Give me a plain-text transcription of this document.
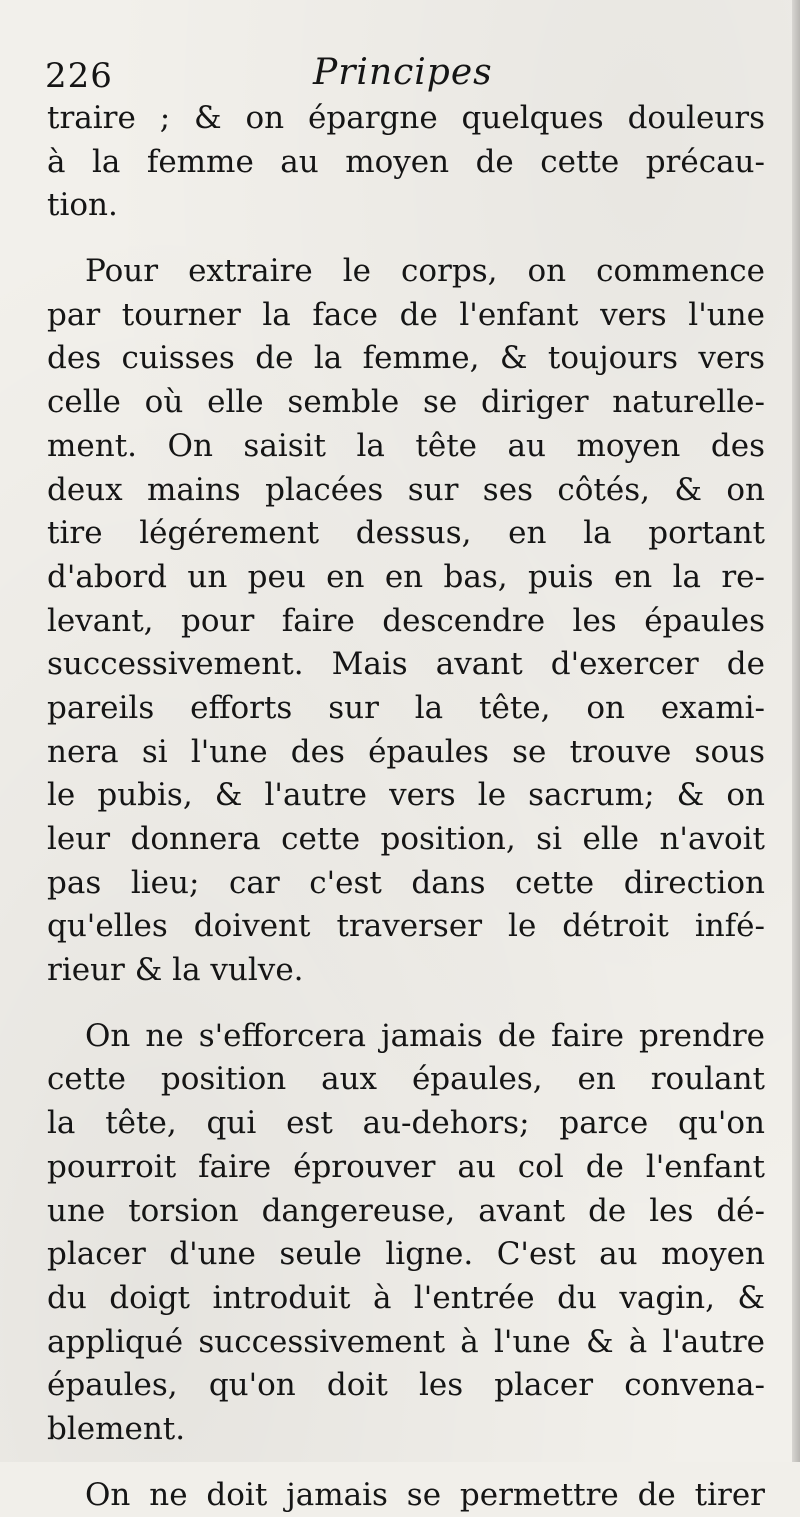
226	Principes
traire ; & on épargne quelques douleurs
à la femme au moyen de cette précau-
tion.
Pour extraire le corps, on commence
par tourner la face de l'enfant vers l'une
des cuisses de la femme, & toujours vers
celle où elle semble se diriger naturelle-
ment. On saisit la tête au moyen des
deux mains placées sur ses côtés, & on
tire légérement dessus, en la portant
d'abord un peu en en bas, puis en la re-
levant, pour faire descendre les épaules
successivement. Mais avant d'exercer de
pareils efforts sur la tête, on exami-
nera si l'une des épaules se trouve sous
le pubis, & l'autre vers le sacrum; & on
leur donnera cette position, si elle n'avoit
pas lieu; car c'est dans cette direction
qu'elles doivent traverser le détroit infé-
rieur & la vulve.
On ne s'efforcera jamais de faire prendre
cette position aux épaules, en roulant
la tête, qui est au-dehors; parce qu'on
pourroit faire éprouver au col de l'enfant
une torsion dangereuse, avant de les dé-
placer d'une seule ligne. C'est au moyen
du doigt introduit à l'entrée du vagin, &
appliqué successivement à l'une & à l'autre
épaules, qu'on doit les placer convena-
blement.
On ne doit jamais se permettre de tirer
